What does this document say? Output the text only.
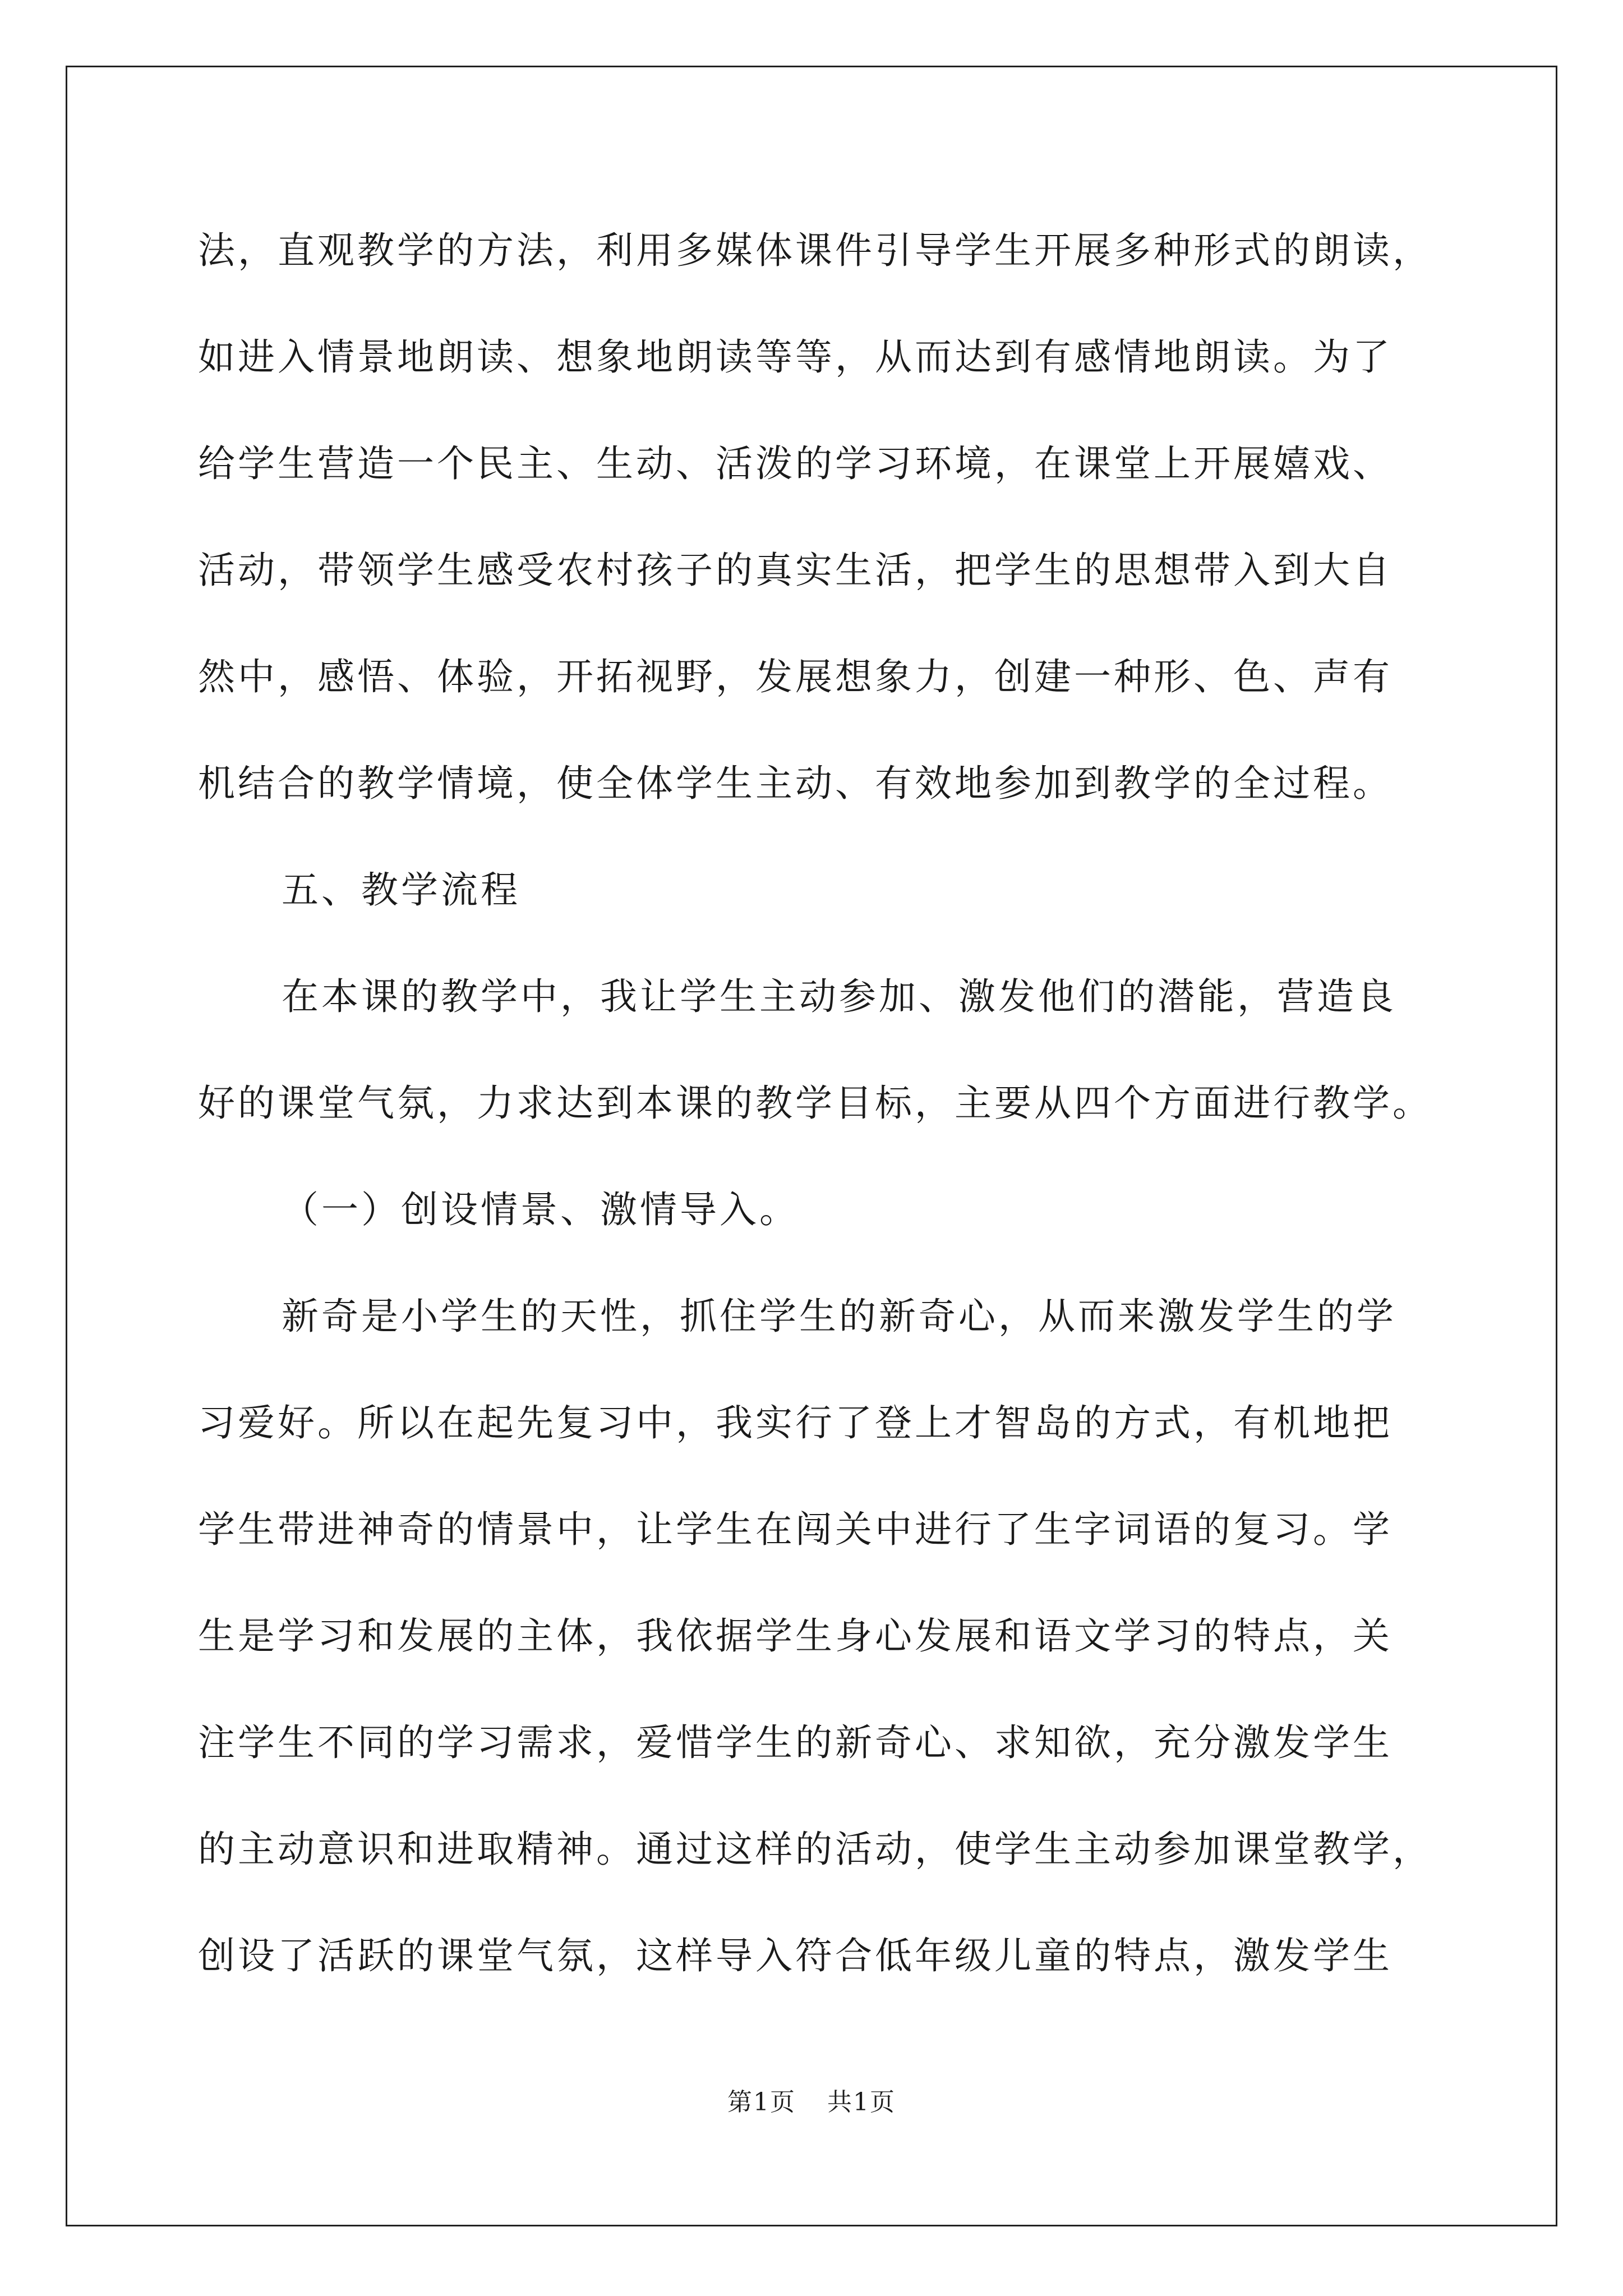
法，直观教学的方法，利用多媒体课件引导学生开展多种形式的朗读，
如进入情景地朗读、想象地朗读等等，从而达到有感情地朗读。为了
给学生营造一个民主、生动、活泼的学习环境，在课堂上开展嬉戏、
活动，带领学生感受农村孩子的真实生活，把学生的思想带入到大自
然中，感悟、体验，开拓视野，发展想象力，创建一种形、色、声有
机结合的教学情境，使全体学生主动、有效地参加到教学的全过程。
五、教学流程
在本课的教学中，我让学生主动参加、激发他们的潜能，营造良
好的课堂气氛，力求达到本课的教学目标，主要从四个方面进行教学。
（一）创设情景、激情导入。
新奇是小学生的天性，抓住学生的新奇心，从而来激发学生的学
习爱好。所以在起先复习中，我实行了登上才智岛的方式，有机地把
学生带进神奇的情景中，让学生在闯关中进行了生字词语的复习。学
生是学习和发展的主体，我依据学生身心发展和语文学习的特点，关
注学生不同的学习需求，爱惜学生的新奇心、求知欲，充分激发学生
的主动意识和进取精神。通过这样的活动，使学生主动参加课堂教学，
创设了活跃的课堂气氛，这样导入符合低年级儿童的特点，激发学生
第1页 共1页
